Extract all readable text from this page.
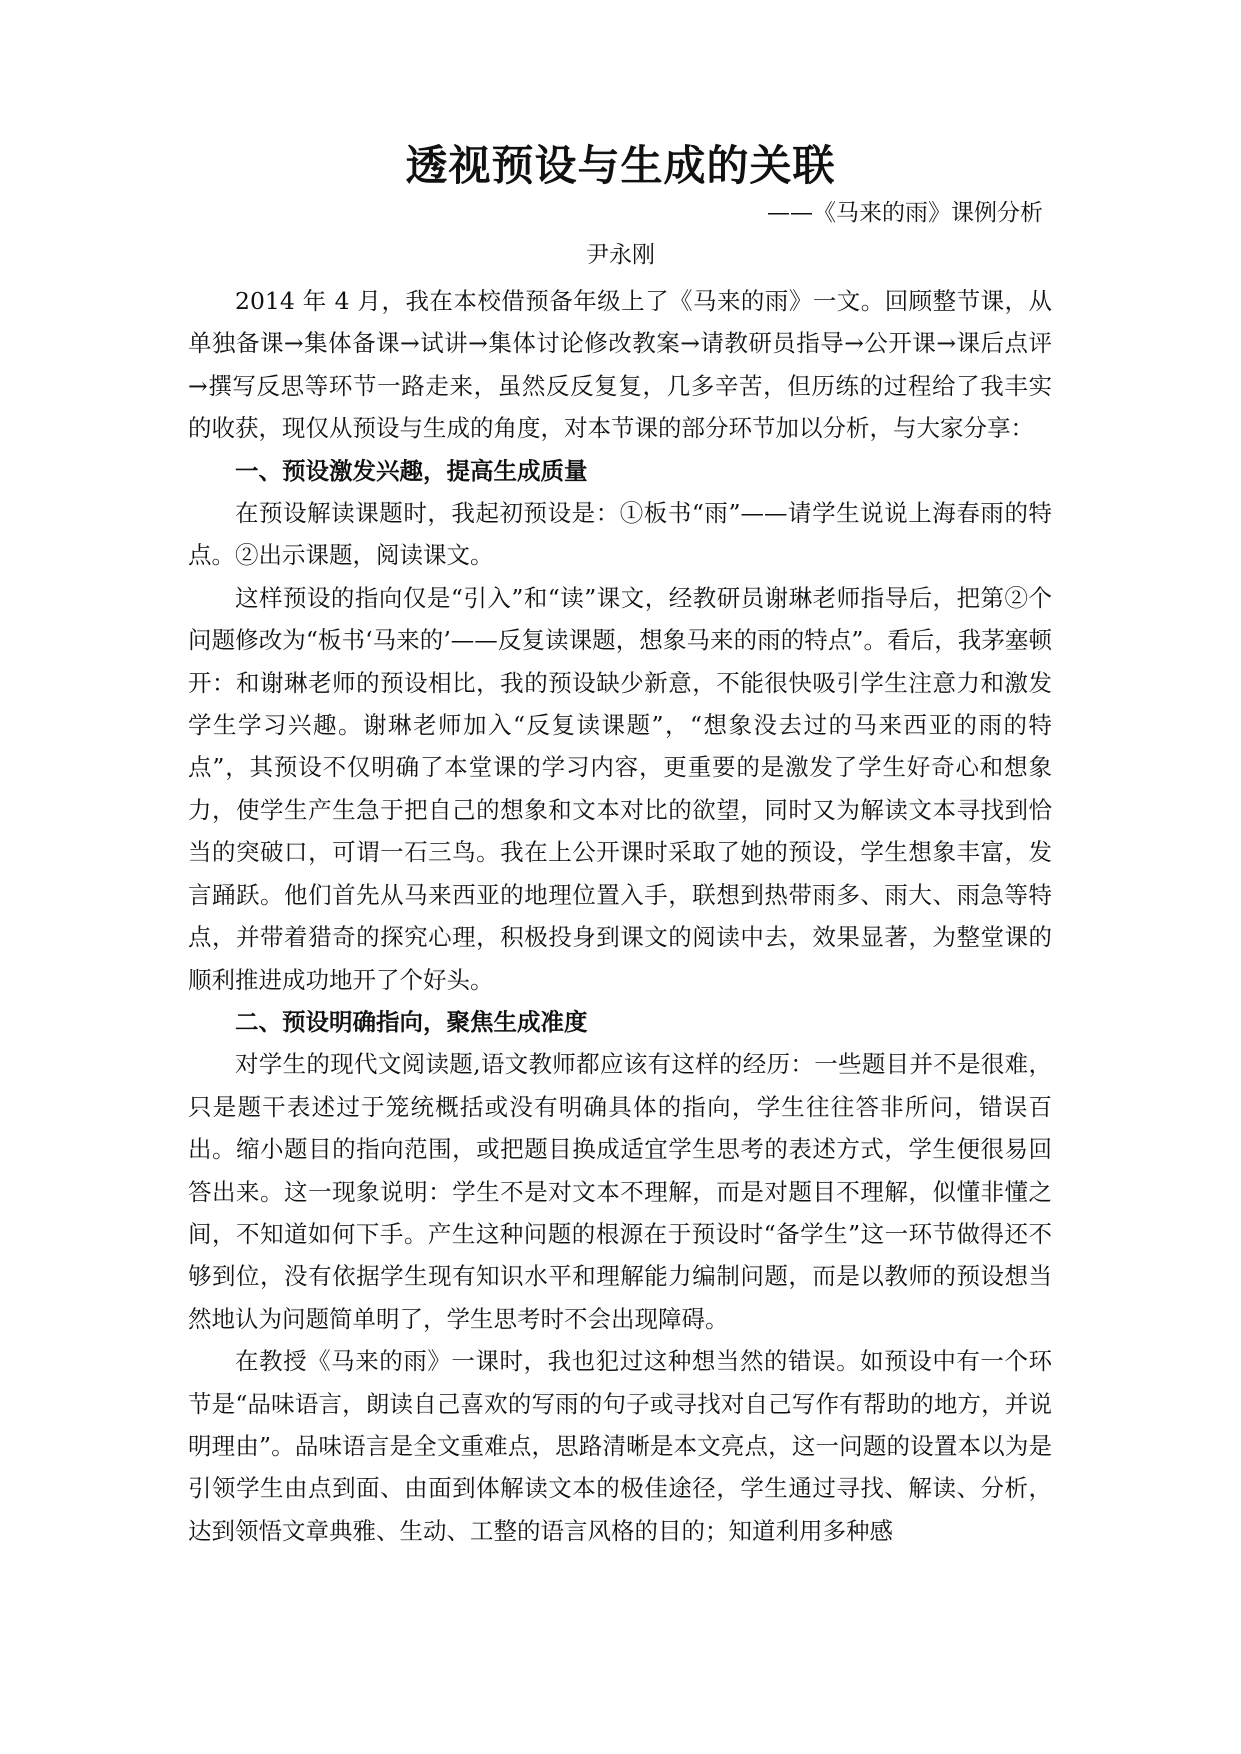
透视预设与生成的关联
——《马来的雨》课例分析
尹永刚

2014 年 4 月，我在本校借预备年级上了《马来的雨》一文。回顾整节课，从单独备课→集体备课→试讲→集体讨论修改教案→请教研员指导→公开课→课后点评→撰写反思等环节一路走来，虽然反反复复，几多辛苦，但历练的过程给了我丰实的收获，现仅从预设与生成的角度，对本节课的部分环节加以分析，与大家分享：

一、预设激发兴趣，提高生成质量

在预设解读课题时，我起初预设是：①板书“雨”——请学生说说上海春雨的特点。②出示课题，阅读课文。

这样预设的指向仅是“引入”和“读”课文，经教研员谢琳老师指导后，把第②个问题修改为“板书‘马来的’——反复读课题，想象马来的雨的特点”。看后，我茅塞顿开：和谢琳老师的预设相比，我的预设缺少新意，不能很快吸引学生注意力和激发学生学习兴趣。谢琳老师加入“反复读课题”，“想象没去过的马来西亚的雨的特点”，其预设不仅明确了本堂课的学习内容，更重要的是激发了学生好奇心和想象力，使学生产生急于把自己的想象和文本对比的欲望，同时又为解读文本寻找到恰当的突破口，可谓一石三鸟。我在上公开课时采取了她的预设，学生想象丰富，发言踊跃。他们首先从马来西亚的地理位置入手，联想到热带雨多、雨大、雨急等特点，并带着猎奇的探究心理，积极投身到课文的阅读中去，效果显著，为整堂课的顺利推进成功地开了个好头。

二、预设明确指向，聚焦生成准度

对学生的现代文阅读题,语文教师都应该有这样的经历：一些题目并不是很难，只是题干表述过于笼统概括或没有明确具体的指向，学生往往答非所问，错误百出。缩小题目的指向范围，或把题目换成适宜学生思考的表述方式，学生便很易回答出来。这一现象说明：学生不是对文本不理解，而是对题目不理解，似懂非懂之间，不知道如何下手。产生这种问题的根源在于预设时“备学生”这一环节做得还不够到位，没有依据学生现有知识水平和理解能力编制问题，而是以教师的预设想当然地认为问题简单明了，学生思考时不会出现障碍。

在教授《马来的雨》一课时，我也犯过这种想当然的错误。如预设中有一个环节是“品味语言，朗读自己喜欢的写雨的句子或寻找对自己写作有帮助的地方，并说明理由”。品味语言是全文重难点，思路清晰是本文亮点，这一问题的设置本以为是引领学生由点到面、由面到体解读文本的极佳途径，学生通过寻找、解读、分析，达到领悟文章典雅、生动、工整的语言风格的目的；知道利用多种感
